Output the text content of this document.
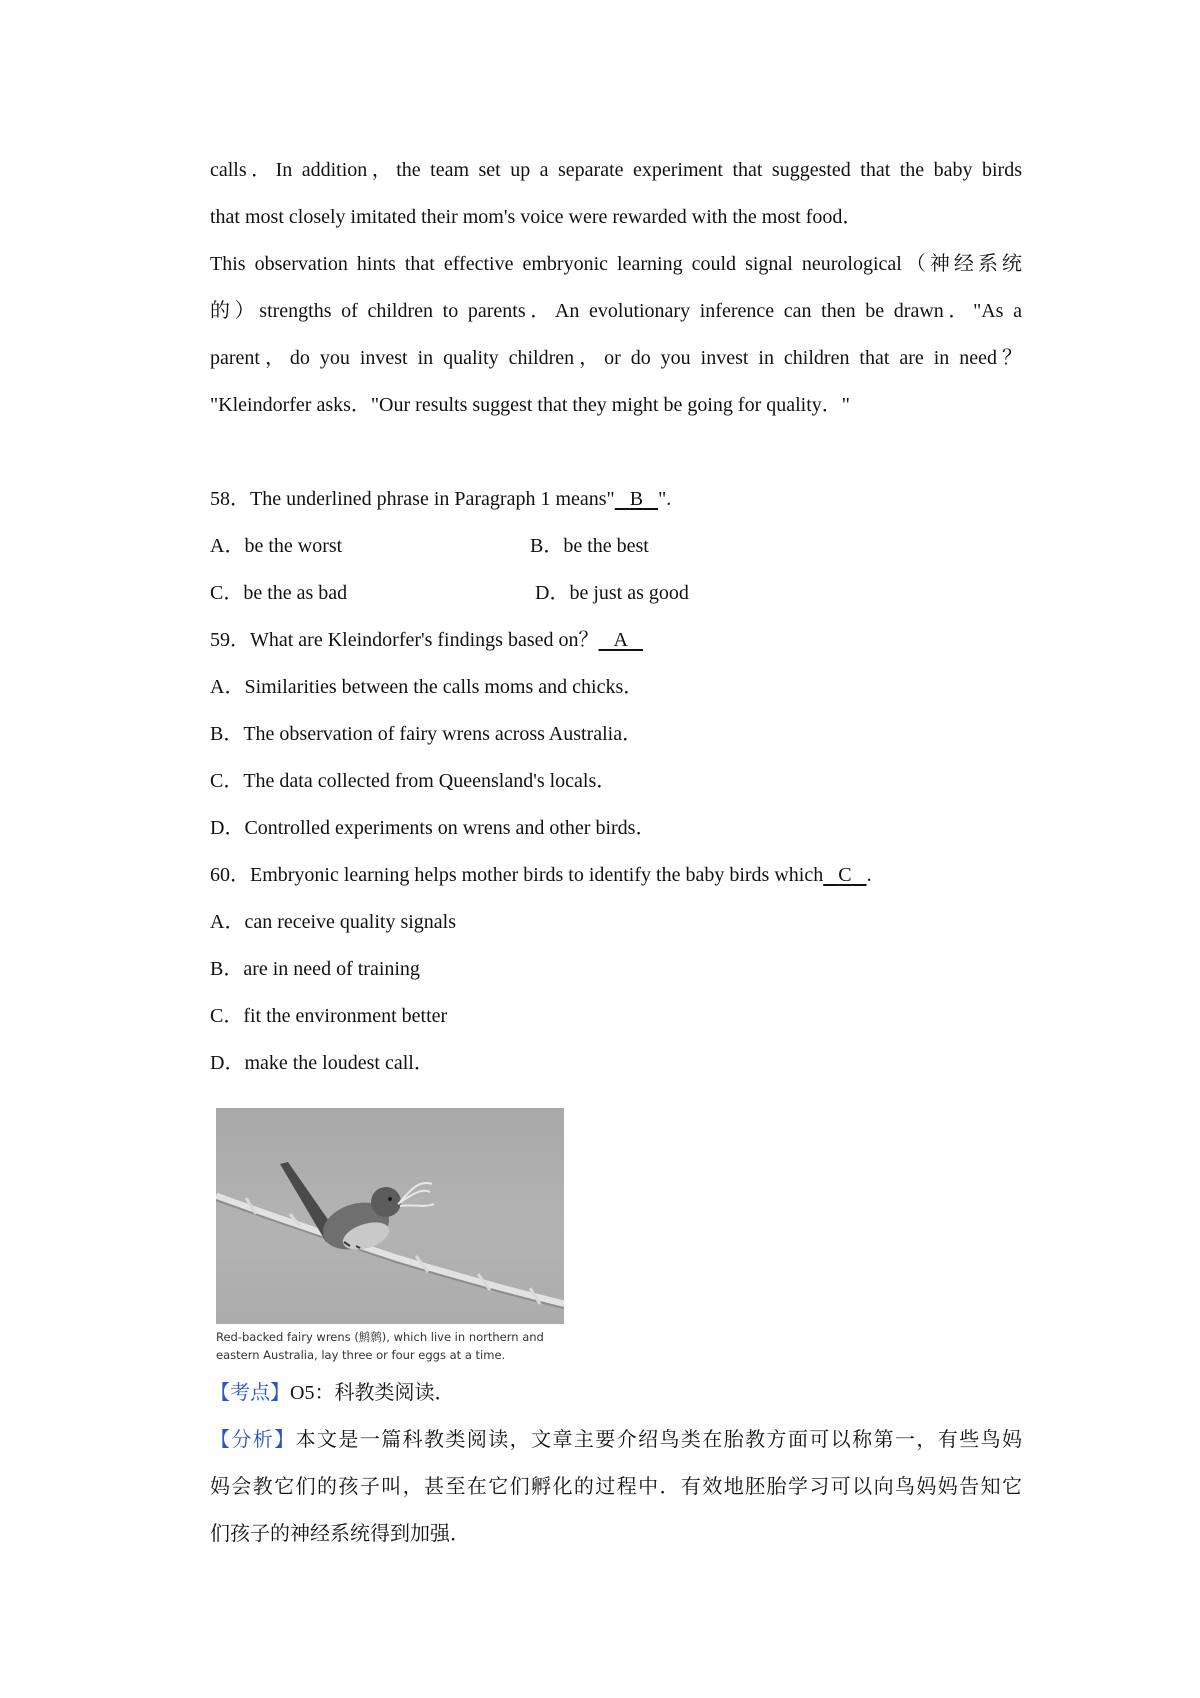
calls．In addition，the team set up a separate experiment that suggested that the baby birds
that most closely imitated their mom's voice were rewarded with the most food．
This observation hints that effective embryonic learning could signal neurological（神经系统
的）strengths of children to parents．An evolutionary inference can then be drawn．"As a
parent，do you invest in quality children，or do you invest in children that are in need？
"Kleindorfer asks．"Our results suggest that they might be going for quality．"
58．The underlined phrase in Paragraph 1 means" B ".
A．be the worst	B．be the best
C．be the as bad	D．be just as good
59．What are Kleindorfer's findings based on？ A
A．Similarities between the calls moms and chicks．
B．The observation of fairy wrens across Australia．
C．The data collected from Queensland's locals．
D．Controlled experiments on wrens and other birds．
60．Embryonic learning helps mother birds to identify the baby birds which C .
A．can receive quality signals
B．are in need of training
C．fit the environment better
D．make the loudest call．
【考点】O5：科教类阅读．
【分析】本文是一篇科教类阅读，文章主要介绍鸟类在胎教方面可以称第一，有些鸟妈
妈会教它们的孩子叫，甚至在它们孵化的过程中．有效地胚胎学习可以向鸟妈妈告知它
们孩子的神经系统得到加强．
Red-backed fairy wrens (鹪鹩), which live in northern and
eastern Australia, lay three or four eggs at a time.
